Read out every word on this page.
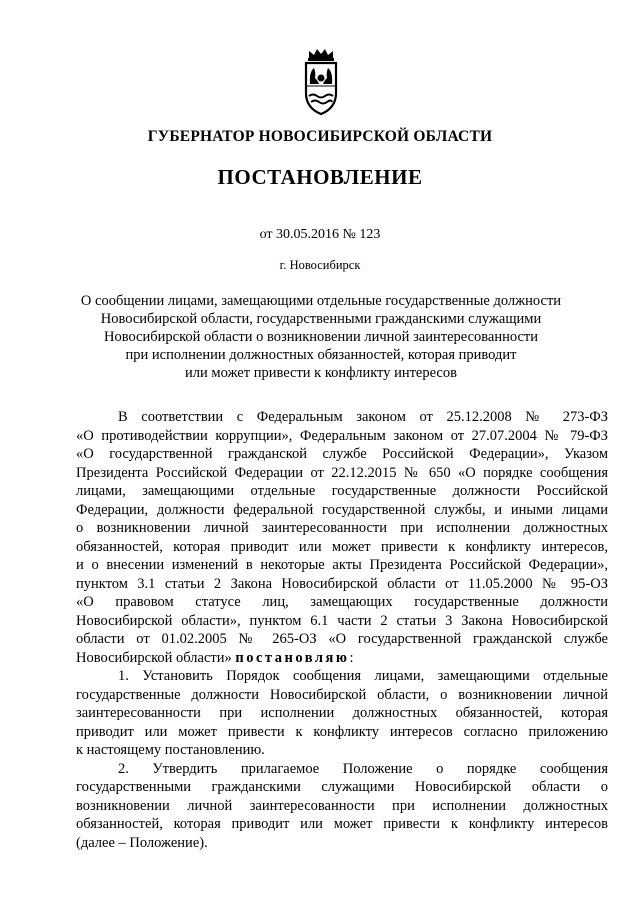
ГУБЕРНАТОР НОВОСИБИРСКОЙ ОБЛАСТИ
ПОСТАНОВЛЕНИЕ
от 30.05.2016 № 123
г. Новосибирск
О сообщении лицами, замещающими отдельные государственные должности
Новосибирской области, государственными гражданскими служащими
Новосибирской области о возникновении личной заинтересованности
при исполнении должностных обязанностей, которая приводит
или может привести к конфликту интересов
В соответствии с Федеральным законом от 25.12.2008 № 273-ФЗ
«О противодействии коррупции», Федеральным законом от 27.07.2004 № 79-ФЗ
«О государственной гражданской службе Российской Федерации», Указом
Президента Российской Федерации от 22.12.2015 № 650 «О порядке сообщения
лицами, замещающими отдельные государственные должности Российской
Федерации, должности федеральной государственной службы, и иными лицами
о возникновении личной заинтересованности при исполнении должностных
обязанностей, которая приводит или может привести к конфликту интересов,
и о внесении изменений в некоторые акты Президента Российской Федерации»,
пунктом 3.1 статьи 2 Закона Новосибирской области от 11.05.2000 № 95-ОЗ
«О правовом статусе лиц, замещающих государственные должности
Новосибирской области», пунктом 6.1 части 2 статьи 3 Закона Новосибирской
области от 01.02.2005 № 265-ОЗ «О государственной гражданской службе
Новосибирской области» постановляю:
1. Установить Порядок сообщения лицами, замещающими отдельные
государственные должности Новосибирской области, о возникновении личной
заинтересованности при исполнении должностных обязанностей, которая
приводит или может привести к конфликту интересов согласно приложению
к настоящему постановлению.
2. Утвердить прилагаемое Положение о порядке сообщения
государственными гражданскими служащими Новосибирской области о
возникновении личной заинтересованности при исполнении должностных
обязанностей, которая приводит или может привести к конфликту интересов
(далее – Положение).
